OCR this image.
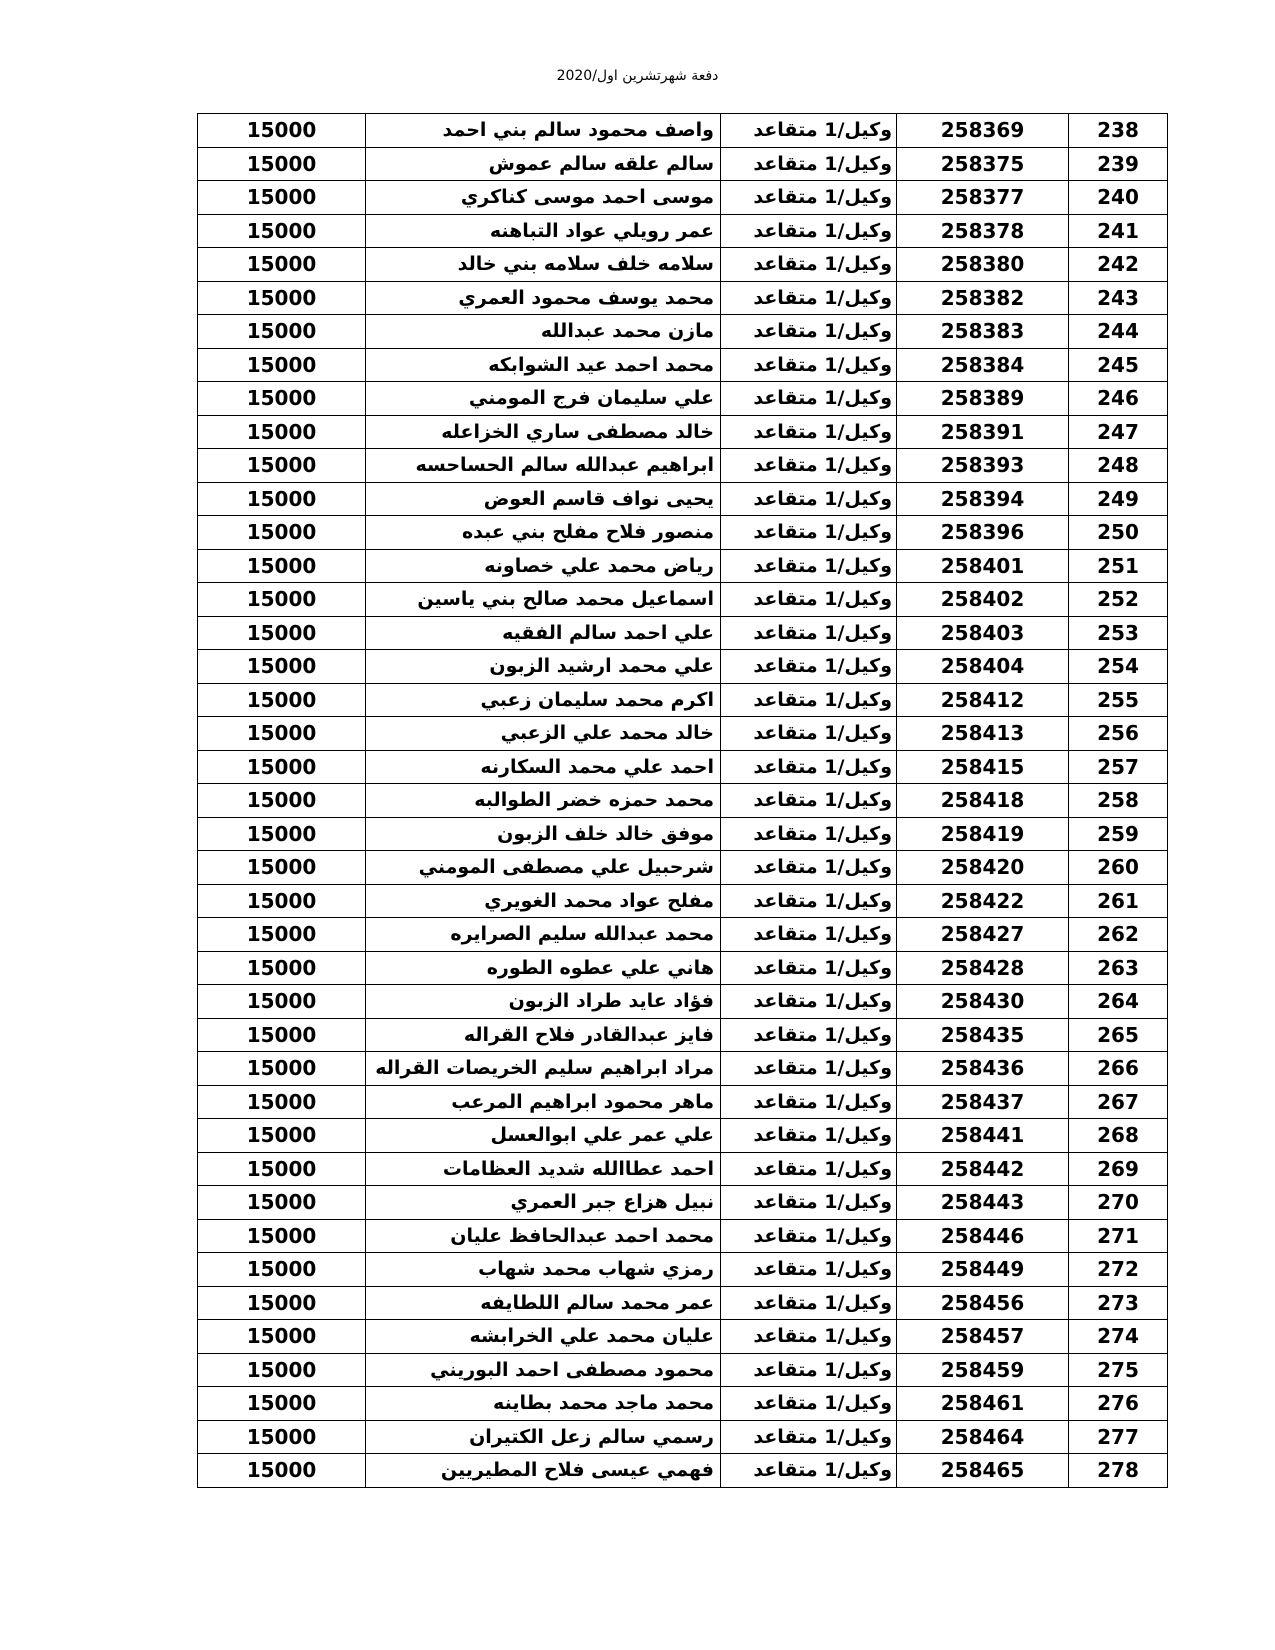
دفعة شهرتشرين اول/2020
15000	واصف محمود سالم بني احمد	وكيل/1 متقاعد	258369	238
15000	سالم علقه سالم عموش	وكيل/1 متقاعد	258375	239
15000	موسى احمد موسى كناكري	وكيل/1 متقاعد	258377	240
15000	عمر رويلي عواد التباهنه	وكيل/1 متقاعد	258378	241
15000	سلامه خلف سلامه بني خالد	وكيل/1 متقاعد	258380	242
15000	محمد يوسف محمود العمري	وكيل/1 متقاعد	258382	243
15000	مازن محمد عبدالله	وكيل/1 متقاعد	258383	244
15000	محمد احمد عيد الشوابكه	وكيل/1 متقاعد	258384	245
15000	علي سليمان فرج المومني	وكيل/1 متقاعد	258389	246
15000	خالد مصطفى ساري الخزاعله	وكيل/1 متقاعد	258391	247
15000	ابراهيم عبدالله سالم الحساحسه	وكيل/1 متقاعد	258393	248
15000	يحيى نواف قاسم العوض	وكيل/1 متقاعد	258394	249
15000	منصور فلاح مفلح بني عبده	وكيل/1 متقاعد	258396	250
15000	رياض محمد علي خصاونه	وكيل/1 متقاعد	258401	251
15000	اسماعيل محمد صالح بني ياسين	وكيل/1 متقاعد	258402	252
15000	علي احمد سالم الفقيه	وكيل/1 متقاعد	258403	253
15000	علي محمد ارشيد الزبون	وكيل/1 متقاعد	258404	254
15000	اكرم محمد سليمان زعبي	وكيل/1 متقاعد	258412	255
15000	خالد محمد علي الزعبي	وكيل/1 متقاعد	258413	256
15000	احمد علي محمد السكارنه	وكيل/1 متقاعد	258415	257
15000	محمد حمزه خضر الطوالبه	وكيل/1 متقاعد	258418	258
15000	موفق خالد خلف الزبون	وكيل/1 متقاعد	258419	259
15000	شرحبيل علي مصطفى المومني	وكيل/1 متقاعد	258420	260
15000	مفلح عواد محمد الغويري	وكيل/1 متقاعد	258422	261
15000	محمد عبدالله سليم الصرايره	وكيل/1 متقاعد	258427	262
15000	هاني علي عطوه الطوره	وكيل/1 متقاعد	258428	263
15000	فؤاد عايد طراد الزبون	وكيل/1 متقاعد	258430	264
15000	فايز عبدالقادر فلاح القراله	وكيل/1 متقاعد	258435	265
15000	مراد ابراهيم سليم الخريصات القراله	وكيل/1 متقاعد	258436	266
15000	ماهر محمود ابراهيم المرعب	وكيل/1 متقاعد	258437	267
15000	علي عمر علي ابوالعسل	وكيل/1 متقاعد	258441	268
15000	احمد عطاالله شديد العظامات	وكيل/1 متقاعد	258442	269
15000	نبيل هزاع جبر العمري	وكيل/1 متقاعد	258443	270
15000	محمد احمد عبدالحافظ عليان	وكيل/1 متقاعد	258446	271
15000	رمزي شهاب محمد شهاب	وكيل/1 متقاعد	258449	272
15000	عمر محمد سالم اللطايفه	وكيل/1 متقاعد	258456	273
15000	عليان محمد علي الخرابشه	وكيل/1 متقاعد	258457	274
15000	محمود مصطفى احمد البوريني	وكيل/1 متقاعد	258459	275
15000	محمد ماجد محمد بطاينه	وكيل/1 متقاعد	258461	276
15000	رسمي سالم زعل الكتيران	وكيل/1 متقاعد	258464	277
15000	فهمي عيسى فلاح المطيريين	وكيل/1 متقاعد	258465	278
